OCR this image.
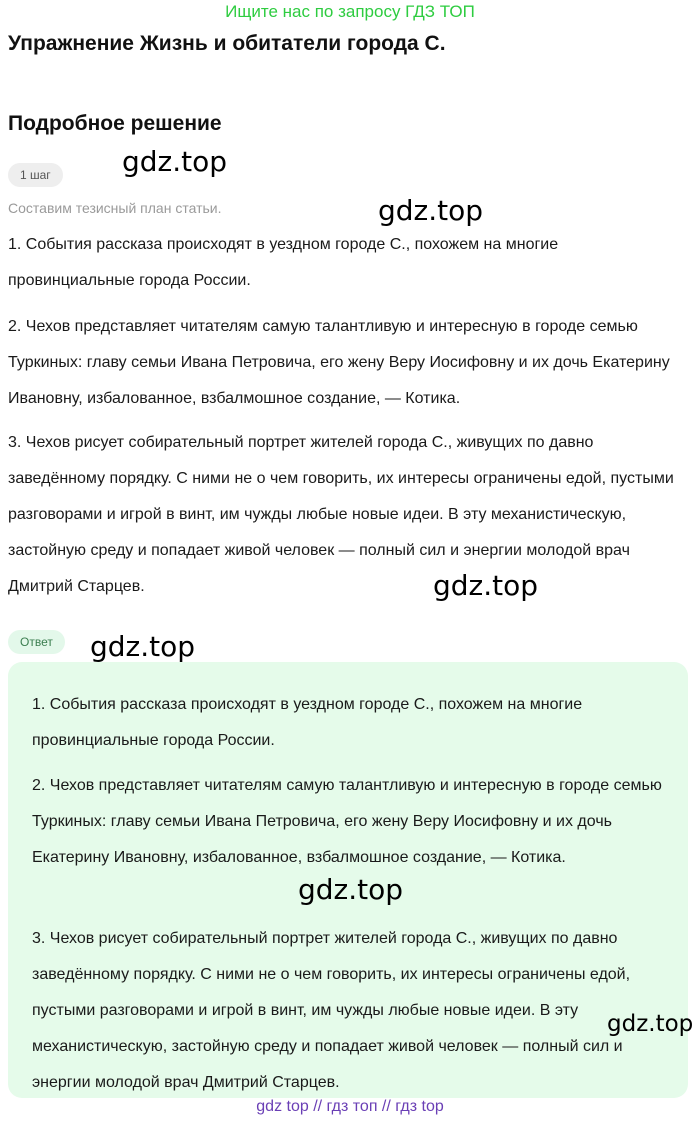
Ищите нас по запросу ГДЗ ТОП
Упражнение Жизнь и обитатели города С.
Подробное решение
1 шаг
Составим тезисный план статьи.

1. События рассказа происходят в уездном городе С., похожем на многие провинциальные города России.

2. Чехов представляет читателям самую талантливую и интересную в городе семью Туркиных: главу семьи Ивана Петровича, его жену Веру Иосифовну и их дочь Екатерину Ивановну, избалованное, взбалмошное создание, — Котика.

3. Чехов рисует собирательный портрет жителей города С., живущих по давно заведённому порядку. С ними не о чем говорить, их интересы ограничены едой, пустыми разговорами и игрой в винт, им чужды любые новые идеи. В эту механистическую, застойную среду и попадает живой человек — полный сил и энергии молодой врач Дмитрий Старцев.

Ответ

1. События рассказа происходят в уездном городе С., похожем на многие провинциальные города России.

2. Чехов представляет читателям самую талантливую и интересную в городе семью Туркиных: главу семьи Ивана Петровича, его жену Веру Иосифовну и их дочь Екатерину Ивановну, избалованное, взбалмошное создание, — Котика.

3. Чехов рисует собирательный портрет жителей города С., живущих по давно заведённому порядку. С ними не о чем говорить, их интересы ограничены едой, пустыми разговорами и игрой в винт, им чужды любые новые идеи. В эту механистическую, застойную среду и попадает живой человек — полный сил и энергии молодой врач Дмитрий Старцев.

gdz.top
gdz.top
gdz.top
gdz.top
gdz.top
gdz.top
gdz top // гдз топ // гдз top
